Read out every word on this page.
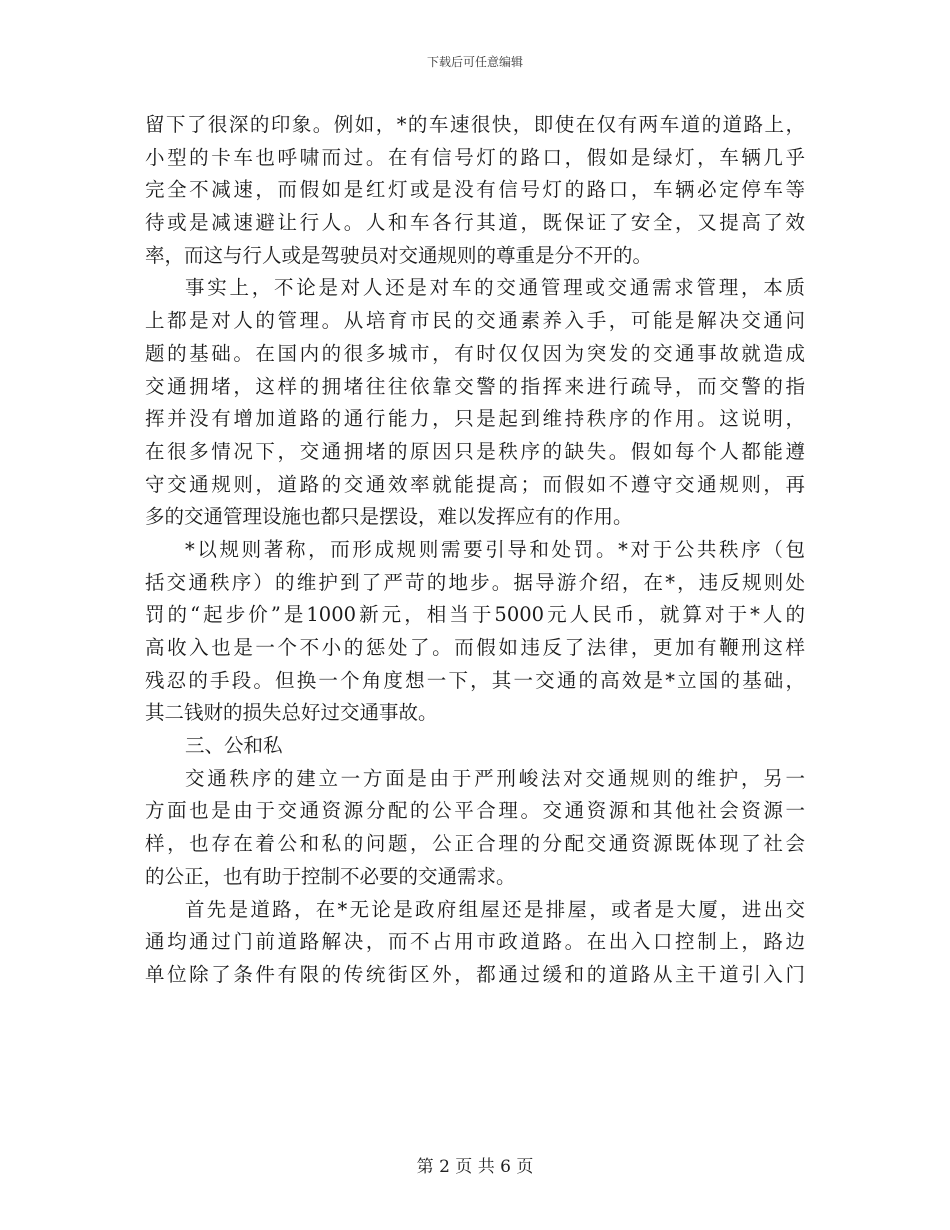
下载后可任意编辑
留下了很深的印象。例如，*的车速很快，即使在仅有两车道的道路上，
小型的卡车也呼啸而过。在有信号灯的路口，假如是绿灯，车辆几乎
完全不减速，而假如是红灯或是没有信号灯的路口，车辆必定停车等
待或是减速避让行人。人和车各行其道，既保证了安全，又提高了效
率，而这与行人或是驾驶员对交通规则的尊重是分不开的。
事实上，不论是对人还是对车的交通管理或交通需求管理，本质
上都是对人的管理。从培育市民的交通素养入手，可能是解决交通问
题的基础。在国内的很多城市，有时仅仅因为突发的交通事故就造成
交通拥堵，这样的拥堵往往依靠交警的指挥来进行疏导，而交警的指
挥并没有增加道路的通行能力，只是起到维持秩序的作用。这说明，
在很多情况下，交通拥堵的原因只是秩序的缺失。假如每个人都能遵
守交通规则，道路的交通效率就能提高；而假如不遵守交通规则，再
多的交通管理设施也都只是摆设，难以发挥应有的作用。
*以规则著称，而形成规则需要引导和处罚。*对于公共秩序（包
括交通秩序）的维护到了严苛的地步。据导游介绍，在*，违反规则处
罚的“起步价”是1000新元，相当于5000元人民币，就算对于*人的
高收入也是一个不小的惩处了。而假如违反了法律，更加有鞭刑这样
残忍的手段。但换一个角度想一下，其一交通的高效是*立国的基础，
其二钱财的损失总好过交通事故。
三、公和私
交通秩序的建立一方面是由于严刑峻法对交通规则的维护，另一
方面也是由于交通资源分配的公平合理。交通资源和其他社会资源一
样，也存在着公和私的问题，公正合理的分配交通资源既体现了社会
的公正，也有助于控制不必要的交通需求。
首先是道路，在*无论是政府组屋还是排屋，或者是大厦，进出交
通均通过门前道路解决，而不占用市政道路。在出入口控制上，路边
单位除了条件有限的传统街区外，都通过缓和的道路从主干道引入门
第 2 页 共 6 页
